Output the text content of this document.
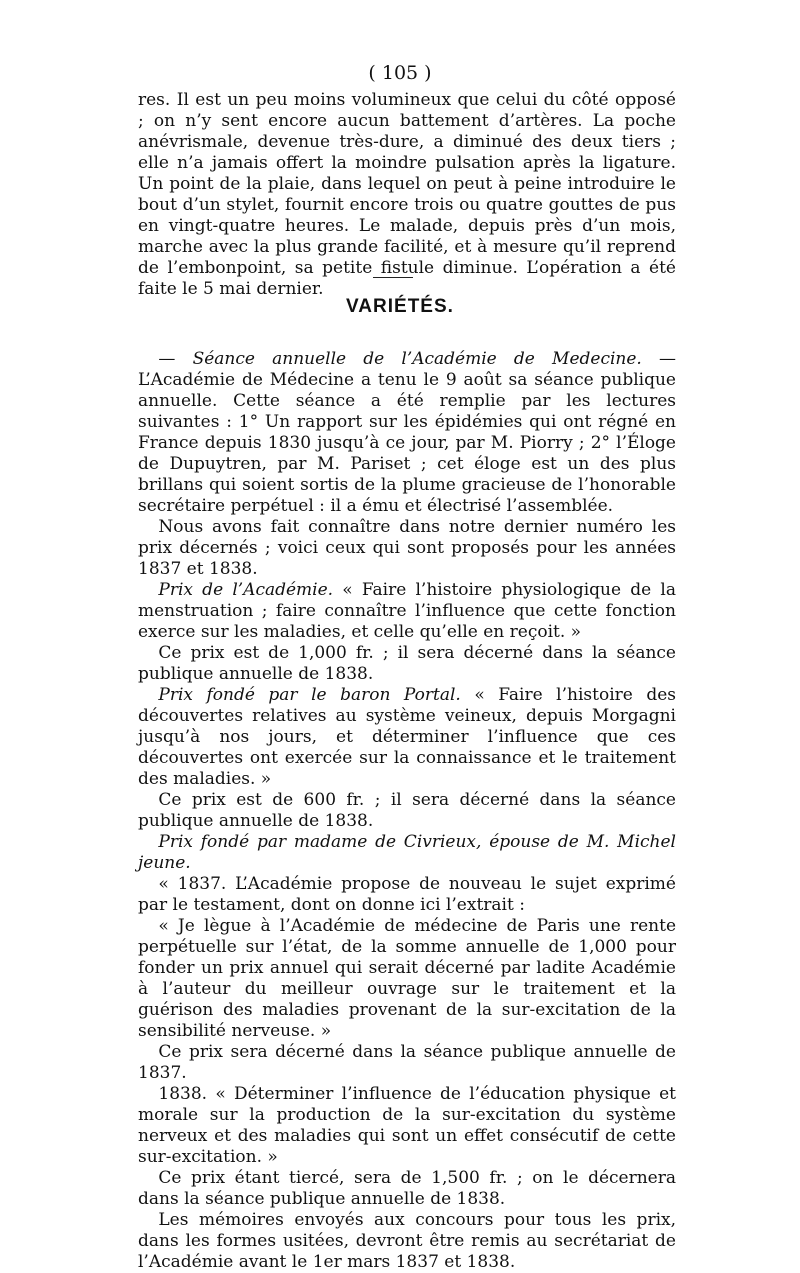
( 105 )

res. Il est un peu moins volumineux que celui du côté opposé ; on n’y sent encore aucun battement d’artères. La poche anévrismale, devenue très-dure, a diminué des deux tiers ; elle n’a jamais offert la moindre pulsation après la ligature. Un point de la plaie, dans lequel on peut à peine introduire le bout d’un stylet, fournit encore trois ou quatre gouttes de pus en vingt-quatre heures. Le malade, depuis près d’un mois, marche avec la plus grande facilité, et à mesure qu’il reprend de l’embonpoint, sa petite fistule diminue. L’opération a été faite le 5 mai dernier.

VARIÉTÉS.

— Séance annuelle de l’Académie de Medecine. — L’Académie de Médecine a tenu le 9 août sa séance publique annuelle. Cette séance a été remplie par les lectures suivantes : 1° Un rapport sur les épidémies qui ont régné en France depuis 1830 jusqu’à ce jour, par M. Piorry ; 2° l’Éloge de Dupuytren, par M. Pariset ; cet éloge est un des plus brillans qui soient sortis de la plume gracieuse de l’honorable secrétaire perpétuel : il a ému et électrisé l’assemblée.

Nous avons fait connaître dans notre dernier numéro les prix décernés ; voici ceux qui sont proposés pour les années 1837 et 1838.

Prix de l’Académie. « Faire l’histoire physiologique de la menstruation ; faire connaître l’influence que cette fonction exerce sur les maladies, et celle qu’elle en reçoit. »

Ce prix est de 1,000 fr. ; il sera décerné dans la séance publique annuelle de 1838.

Prix fondé par le baron Portal. « Faire l’histoire des découvertes relatives au système veineux, depuis Morgagni jusqu’à nos jours, et déterminer l’influence que ces découvertes ont exercée sur la connaissance et le traitement des maladies. »

Ce prix est de 600 fr. ; il sera décerné dans la séance publique annuelle de 1838.

Prix fondé par madame de Civrieux, épouse de M. Michel jeune.

« 1837. L’Académie propose de nouveau le sujet exprimé par le testament, dont on donne ici l’extrait :

« Je lègue à l’Académie de médecine de Paris une rente perpétuelle sur l’état, de la somme annuelle de 1,000 pour fonder un prix annuel qui serait décerné par ladite Académie à l’auteur du meilleur ouvrage sur le traitement et la guérison des maladies provenant de la sur-excitation de la sensibilité nerveuse. »

Ce prix sera décerné dans la séance publique annuelle de 1837.

1838. « Déterminer l’influence de l’éducation physique et morale sur la production de la sur-excitation du système nerveux et des maladies qui sont un effet consécutif de cette sur-excitation. »

Ce prix étant tiercé, sera de 1,500 fr. ; on le décernera dans la séance publique annuelle de 1838.

Les mémoires envoyés aux concours pour tous les prix, dans les formes usitées, devront être remis au secrétariat de l’Académie avant le 1er mars 1837 et 1838.
